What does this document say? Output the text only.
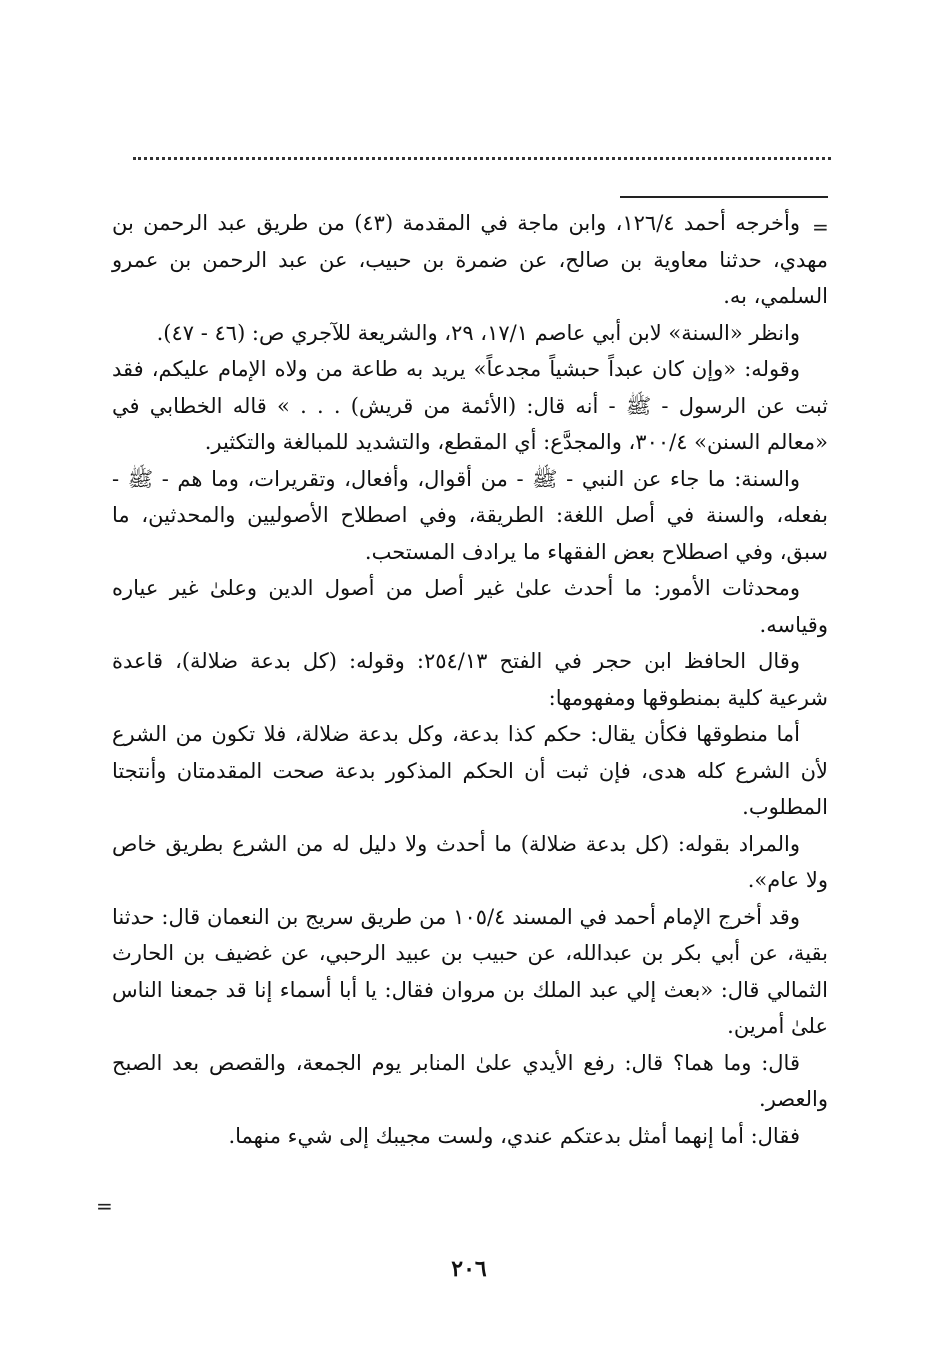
=

وأخرجه أحمد ١٢٦/٤، وابن ماجة في المقدمة (٤٣) من طريق عبد الرحمن بن مهدي، حدثنا معاوية بن صالح، عن ضمرة بن حبيب، عن عبد الرحمن بن عمرو السلمي، به.

وانظر «السنة» لابن أبي عاصم ١٧/١، ٢٩، والشريعة للآجري ص: (٤٦ - ٤٧).

وقوله: «وإن كان عبداً حبشياً مجدعاً» يريد به طاعة من ولاه الإمام عليكم، فقد ثبت عن الرسول - ﷺ - أنه قال: (الأئمة من قريش) . . . » قاله الخطابي في «معالم السنن» ٣٠٠/٤، والمجدَّع: أي المقطع، والتشديد للمبالغة والتكثير.

والسنة: ما جاء عن النبي - ﷺ - من أقوال، وأفعال، وتقريرات، وما هم - ﷺ - بفعله، والسنة في أصل اللغة: الطريقة، وفي اصطلاح الأصوليين والمحدثين، ما سبق، وفي اصطلاح بعض الفقهاء ما يرادف المستحب.

ومحدثات الأمور: ما أحدث علىٰ غير أصل من أصول الدين وعلىٰ غير عياره وقياسه.

وقال الحافظ ابن حجر في الفتح ٢٥٤/١٣: وقوله: (كل بدعة ضلالة)، قاعدة شرعية كلية بمنطوقها ومفهومها:

أما منطوقها فكأن يقال: حكم كذا بدعة، وكل بدعة ضلالة، فلا تكون من الشرع لأن الشرع كله هدى، فإن ثبت أن الحكم المذكور بدعة صحت المقدمتان وأنتجتا المطلوب.

والمراد بقوله: (كل بدعة ضلالة) ما أحدث ولا دليل له من الشرع بطريق خاص ولا عام».

وقد أخرج الإمام أحمد في المسند ١٠٥/٤ من طريق سريج بن النعمان قال: حدثنا بقية، عن أبي بكر بن عبدالله، عن حبيب بن عبيد الرحبي، عن غضيف بن الحارث الثمالي قال: «بعث إلي عبد الملك بن مروان فقال: يا أبا أسماء إنا قد جمعنا الناس علىٰ أمرين.

قال: وما هما؟ قال: رفع الأيدي علىٰ المنابر يوم الجمعة، والقصص بعد الصبح والعصر.

فقال: أما إنهما أمثل بدعتكم عندي، ولست مجيبك إلى شيء منهما.

=
٢٠٦
